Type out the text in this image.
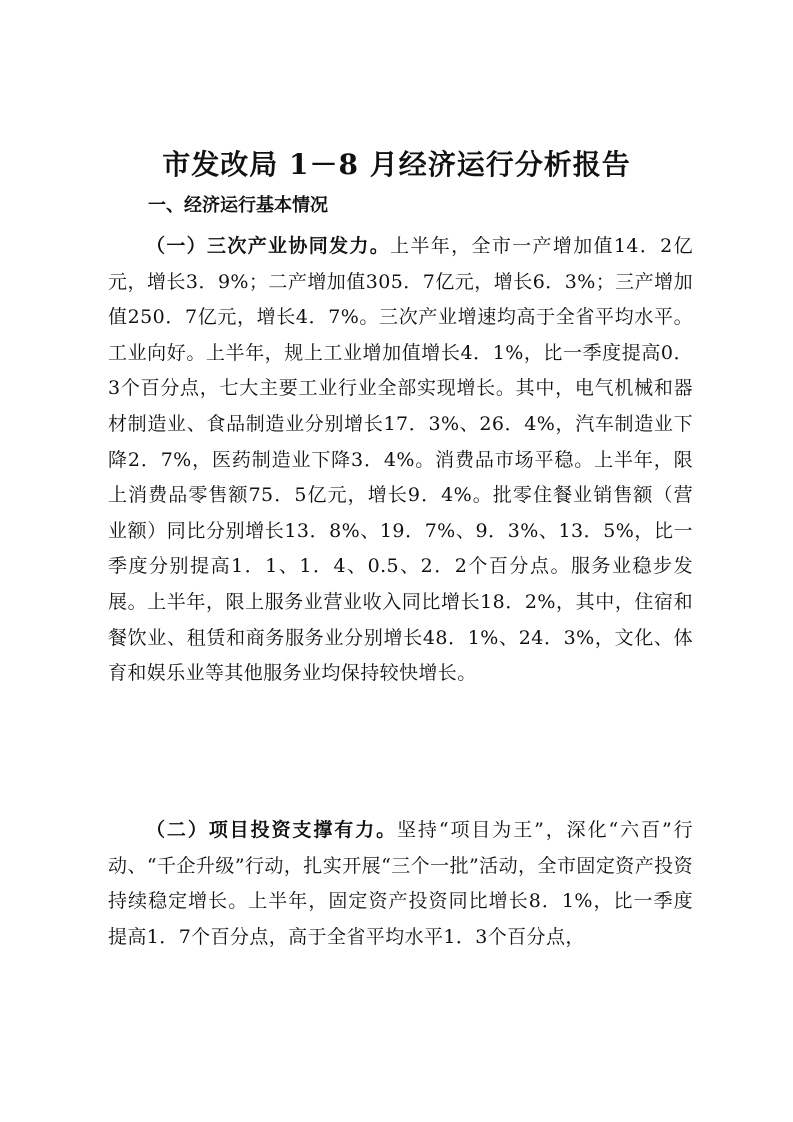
市发改局 1－8 月经济运行分析报告
一、经济运行基本情况

（一）三次产业协同发力。上半年，全市一产增加值14．2亿元，增长3．9%；二产增加值305．7亿元，增长6．3%；三产增加值250．7亿元，增长4．7%。三次产业增速均高于全省平均水平。工业向好。上半年，规上工业增加值增长4．1%，比一季度提高0．3个百分点，七大主要工业行业全部实现增长。其中，电气机械和器材制造业、食品制造业分别增长17．3%、26．4%，汽车制造业下降2．7%，医药制造业下降3．4%。消费品市场平稳。上半年，限上消费品零售额75．5亿元，增长9．4%。批零住餐业销售额（营业额）同比分别增长13．8%、19．7%、9．3%、13．5%，比一季度分别提高1．1、1．4、0.5、2．2个百分点。服务业稳步发展。上半年，限上服务业营业收入同比增长18．2%，其中，住宿和餐饮业、租赁和商务服务业分别增长48．1%、24．3%，文化、体育和娱乐业等其他服务业均保持较快增长。

（二）项目投资支撑有力。坚持“项目为王”，深化“六百”行动、“千企升级”行动，扎实开展“三个一批”活动，全市固定资产投资持续稳定增长。上半年，固定资产投资同比增长8．1%，比一季度提高1．7个百分点，高于全省平均水平1．3个百分点，
